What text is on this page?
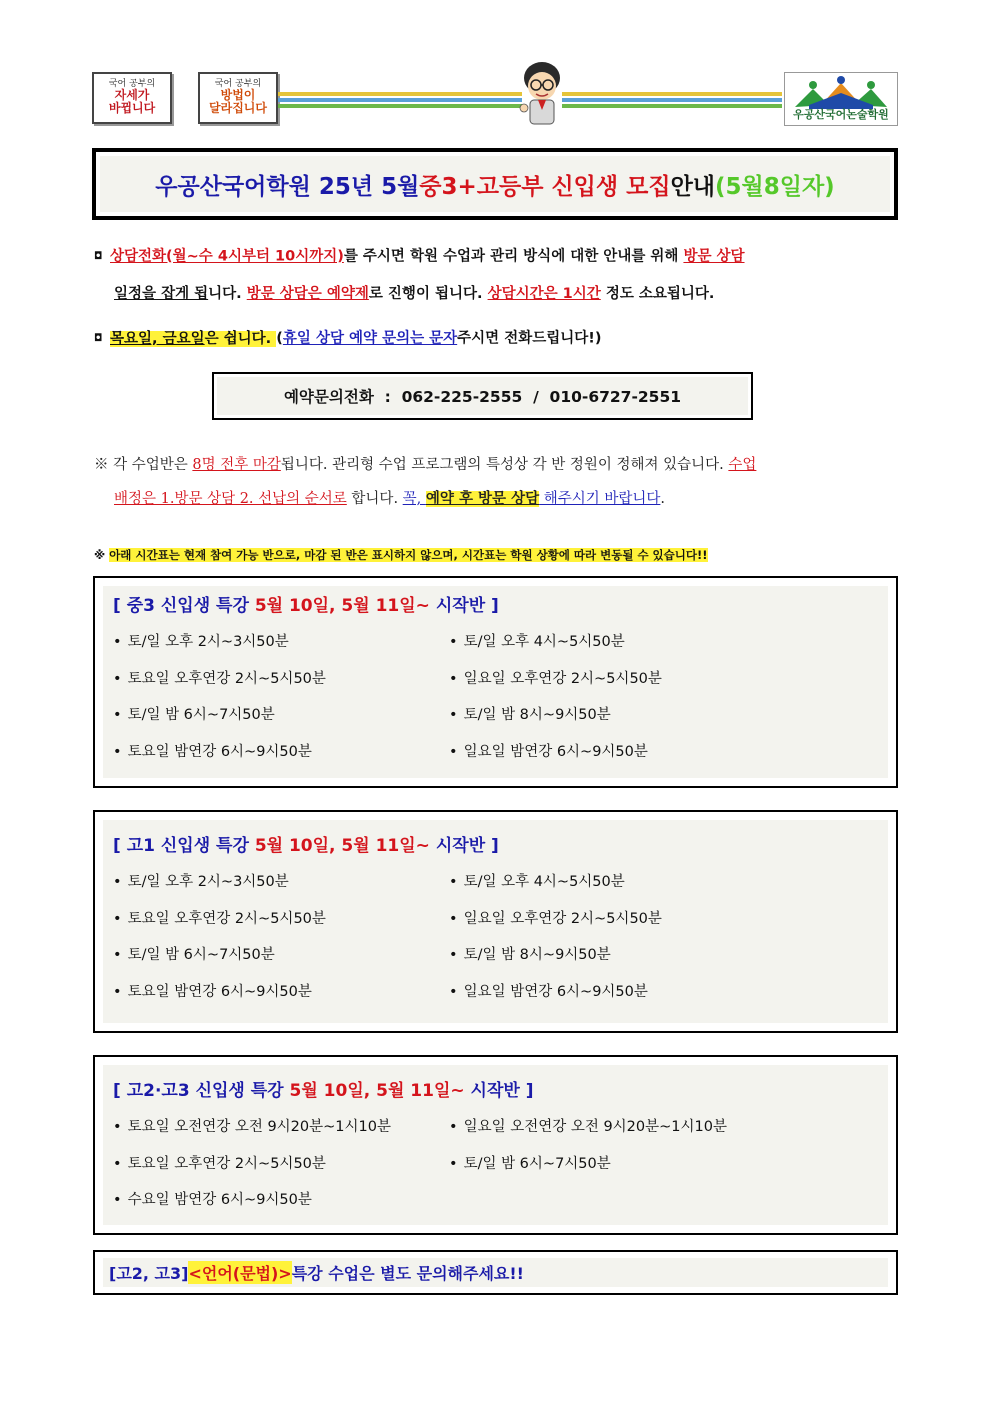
국어 공부의
자세가
바뀝니다
국어 공부의
방법이
달라집니다	우공산국어논술학원
우공산 국어학원 25년 5월 중3+고등부 신입생 모집 안내 (5월8일자)
◘ 상담전화(월~수 4시부터 10시까지)를 주시면 학원 수업과 관리 방식에 대한 안내를 위해 방문 상담
일정을 잡게 됩니다. 방문 상담은 예약제로 진행이 됩니다. 상담시간은 1시간 정도 소요됩니다.
◘ 목요일, 금요일은 쉽니다. (휴일 상담 예약 문의는 문자주시면 전화드립니다!)
예약문의전화  :  062-225-2555  /  010-6727-2551
※ 각 수업반은 8명 전후 마감됩니다. 관리형 수업 프로그램의 특성상 각 반 정원이 정해져 있습니다. 수업
배정은 1.방문 상담 2. 선납의 순서로 합니다. 꼭, 예약 후 방문 상담 해주시기 바랍니다.
※ 아래 시간표는 현재 참여 가능 반으로, 마감 된 반은 표시하지 않으며, 시간표는 학원 상황에 따라 변동될 수 있습니다!!
[ 중3 신입생 특강 5월 10일, 5월 11일~ 시작반 ]
• 토/일 오후 2시~3시50분	• 토/일 오후 4시~5시50분
• 토요일 오후연강 2시~5시50분	• 일요일 오후연강 2시~5시50분
• 토/일 밤 6시~7시50분	• 토/일 밤 8시~9시50분
• 토요일 밤연강 6시~9시50분	• 일요일 밤연강 6시~9시50분
[ 고1 신입생 특강 5월 10일, 5월 11일~ 시작반 ]
• 토/일 오후 2시~3시50분	• 토/일 오후 4시~5시50분
• 토요일 오후연강 2시~5시50분	• 일요일 오후연강 2시~5시50분
• 토/일 밤 6시~7시50분	• 토/일 밤 8시~9시50분
• 토요일 밤연강 6시~9시50분	• 일요일 밤연강 6시~9시50분
[ 고2·고3 신입생 특강 5월 10일, 5월 11일~ 시작반 ]
• 토요일 오전연강 오전 9시20분~1시10분	• 일요일 오전연강 오전 9시20분~1시10분
• 토요일 오후연강 2시~5시50분	• 토/일 밤 6시~7시50분
• 수요일 밤연강 6시~9시50분
[고2, 고3] <언어(문법)> 특강 수업은 별도 문의해주세요!!
